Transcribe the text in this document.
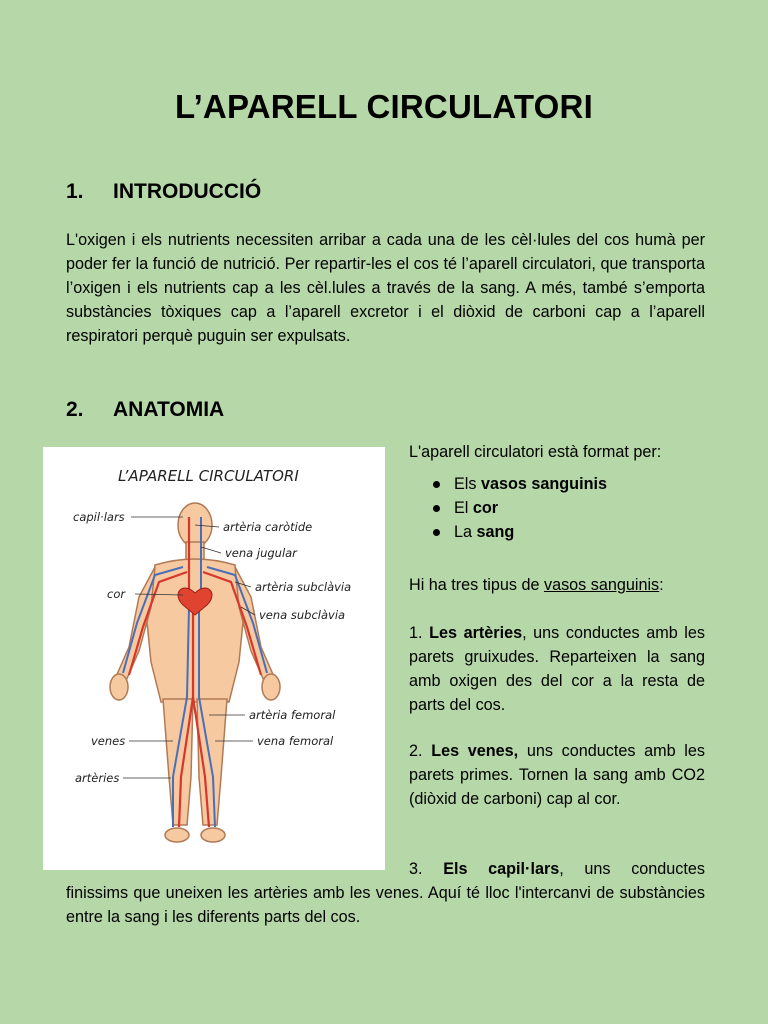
L’APARELL CIRCULATORI
1. INTRODUCCIÓ

L'oxigen i els nutrients necessiten arribar a cada una de les cèl·lules del cos humà per poder fer la funció de nutrició. Per repartir-les el cos té l’aparell circulatori, que transporta l’oxigen i els nutrients cap a les cèl.lules a través de la sang. A més, també s’emporta substàncies tòxiques cap a l’aparell excretor i el diòxid de carboni cap a l’aparell respiratori perquè puguin ser expulsats.

2. ANATOMIA
L’APARELL CIRCULATORI
capil·lars
artèria caròtide
vena jugular
cor	artèria subclàvia
vena subclàvia
artèria femoral
venes	vena femoral
artèries
L'aparell circulatori està format per:
Els vasos sanguinis
El cor
La sang
Hi ha tres tipus de vasos sanguinis:

1. Les artèries, uns conductes amb les parets gruixudes. Reparteixen la sang amb oxigen des del cor a la resta de parts del cos.

2. Les venes, uns conductes amb les parets primes. Tornen la sang amb CO2 (diòxid de carboni) cap al cor.

3. Els capil·lars, uns conductes

finissims que uneixen les artèries amb les venes. Aquí té lloc l'intercanvi de substàncies entre la sang i les diferents parts del cos.
